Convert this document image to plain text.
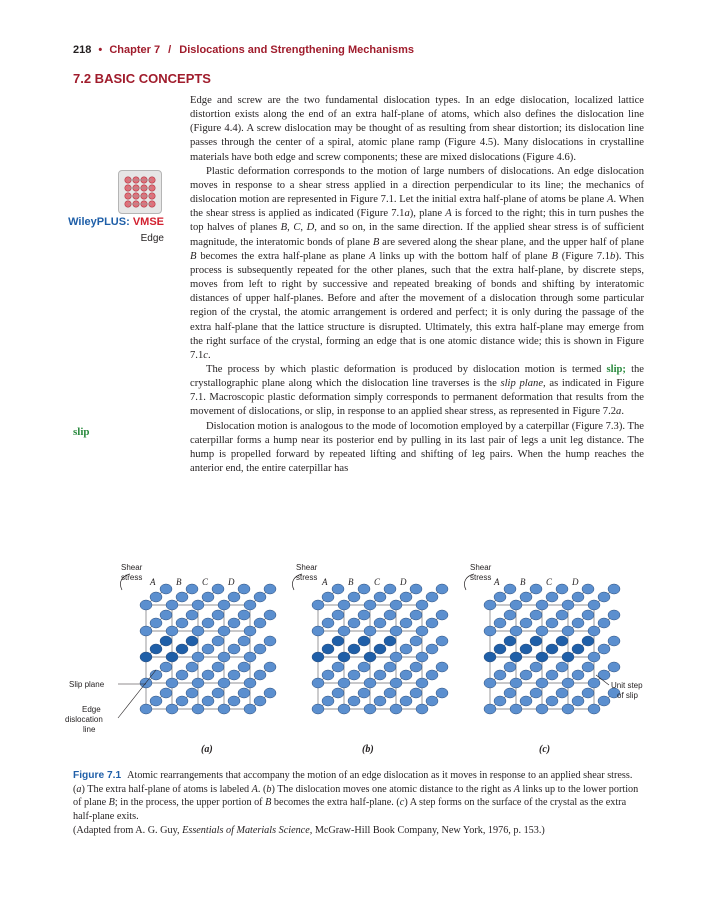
218 • Chapter 7 / Dislocations and Strengthening Mechanisms
7.2 BASIC CONCEPTS
WileyPLUS: VMSE
Edge
slip

Edge and screw are the two fundamental dislocation types. In an edge dislocation, localized lattice distortion exists along the end of an extra half-plane of atoms, which also defines the dislocation line (Figure 4.4). A screw dislocation may be thought of as resulting from shear distortion; its dislocation line passes through the center of a spiral, atomic plane ramp (Figure 4.5). Many dislocations in crystalline materials have both edge and screw components; these are mixed dislocations (Figure 4.6).

Plastic deformation corresponds to the motion of large numbers of dislocations. An edge dislocation moves in response to a shear stress applied in a direction perpendicular to its line; the mechanics of dislocation motion are represented in Figure 7.1. Let the initial extra half-plane of atoms be plane A. When the shear stress is applied as indicated (Figure 7.1a), plane A is forced to the right; this in turn pushes the top halves of planes B, C, D, and so on, in the same direction. If the applied shear stress is of sufficient magnitude, the interatomic bonds of plane B are severed along the shear plane, and the upper half of plane B becomes the extra half-plane as plane A links up with the bottom half of plane B (Figure 7.1b). This process is subsequently repeated for the other planes, such that the extra half-plane, by discrete steps, moves from left to right by successive and repeated breaking of bonds and shifting by interatomic distances of upper half-planes. Before and after the movement of a dislocation through some particular region of the crystal, the atomic arrangement is ordered and perfect; it is only during the passage of the extra half-plane that the lattice structure is disrupted. Ultimately, this extra half-plane may emerge from the right surface of the crystal, forming an edge that is one atomic distance wide; this is shown in Figure 7.1c.

The process by which plastic deformation is produced by dislocation motion is termed slip; the crystallographic plane along which the dislocation line traverses is the slip plane, as indicated in Figure 7.1. Macroscopic plastic deformation simply corresponds to permanent deformation that results from the movement of dislocations, or slip, in response to an applied shear stress, as represented in Figure 7.2a.

Dislocation motion is analogous to the mode of locomotion employed by a caterpillar (Figure 7.3). The caterpillar forms a hump near its posterior end by pulling in its last pair of legs a unit leg distance. The hump is propelled forward by repeated lifting and shifting of leg pairs. When the hump reaches the anterior end, the entire caterpillar has

A B C D	A B C D	A B C D
Shear
stress
Shear
stress
Shear
stress
Slip plane
Edge
dislocation
line
Unit step
of slip
(a)	(b)	(c)
Figure 7.1 Atomic rearrangements that accompany the motion of an edge dislocation as it moves in response to an applied shear stress. (a) The extra half-plane of atoms is labeled A. (b) The dislocation moves one atomic distance to the right as A links up to the lower portion of plane B; in the process, the upper portion of B becomes the extra half-plane. (c) A step forms on the surface of the crystal as the extra half-plane exits.
(Adapted from A. G. Guy, Essentials of Materials Science, McGraw-Hill Book Company, New York, 1976, p. 153.)
